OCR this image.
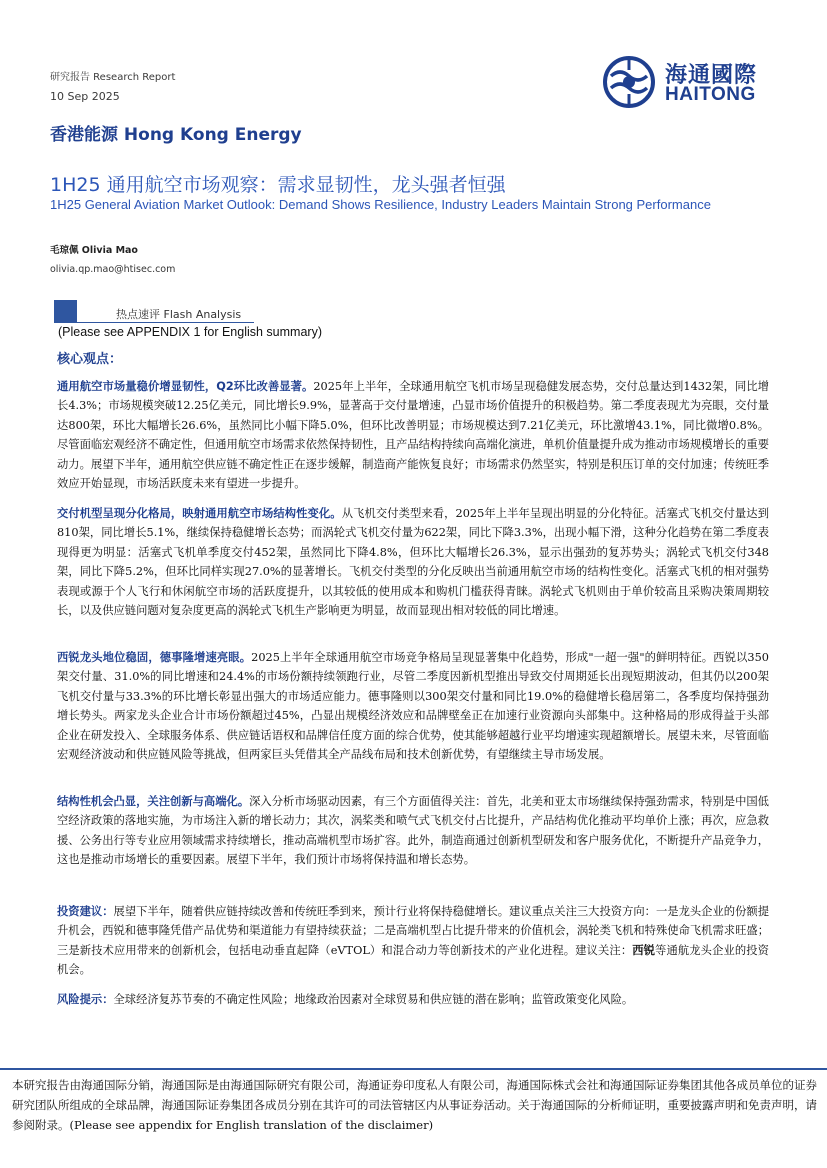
研究报告 Research Report
10 Sep 2025
海通國際
HAITONG
香港能源 Hong Kong Energy
1H25 通用航空市场观察：需求显韧性，龙头强者恒强
1H25 General Aviation Market Outlook: Demand Shows Resilience, Industry Leaders Maintain Strong Performance
毛琼佩 Olivia Mao
olivia.qp.mao@htisec.com
热点速评 Flash Analysis
(Please see APPENDIX 1 for English summary)
核心观点：
通用航空市场量稳价增显韧性，Q2环比改善显著。2025年上半年，全球通用航空飞机市场呈现稳健发展态势，交付总量达到1432架，同比增长4.3%；市场规模突破12.25亿美元，同比增长9.9%，显著高于交付量增速，凸显市场价值提升的积极趋势。第二季度表现尤为亮眼，交付量达800架，环比大幅增长26.6%，虽然同比小幅下降5.0%，但环比改善明显；市场规模达到7.21亿美元，环比激增43.1%，同比微增0.8%。尽管面临宏观经济不确定性，但通用航空市场需求依然保持韧性，且产品结构持续向高端化演进，单机价值量提升成为推动市场规模增长的重要动力。展望下半年，通用航空供应链不确定性正在逐步缓解，制造商产能恢复良好；市场需求仍然坚实，特别是积压订单的交付加速；传统旺季效应开始显现，市场活跃度未来有望进一步提升。
交付机型呈现分化格局，映射通用航空市场结构性变化。从飞机交付类型来看，2025年上半年呈现出明显的分化特征。活塞式飞机交付量达到810架，同比增长5.1%，继续保持稳健增长态势；而涡轮式飞机交付量为622架，同比下降3.3%，出现小幅下滑，这种分化趋势在第二季度表现得更为明显：活塞式飞机单季度交付452架，虽然同比下降4.8%，但环比大幅增长26.3%，显示出强劲的复苏势头；涡轮式飞机交付348架，同比下降5.2%，但环比同样实现27.0%的显著增长。飞机交付类型的分化反映出当前通用航空市场的结构性变化。活塞式飞机的相对强势表现或源于个人飞行和休闲航空市场的活跃度提升，以其较低的使用成本和购机门槛获得青睐。涡轮式飞机则由于单价较高且采购决策周期较长，以及供应链问题对复杂度更高的涡轮式飞机生产影响更为明显，故而显现出相对较低的同比增速。
西锐龙头地位稳固，德事隆增速亮眼。2025上半年全球通用航空市场竞争格局呈现显著集中化趋势，形成"一超一强"的鲜明特征。西锐以350架交付量、31.0%的同比增速和24.4%的市场份额持续领跑行业，尽管二季度因新机型推出导致交付周期延长出现短期波动，但其仍以200架飞机交付量与33.3%的环比增长彰显出强大的市场适应能力。德事隆则以300架交付量和同比19.0%的稳健增长稳居第二，各季度均保持强劲增长势头。两家龙头企业合计市场份额超过45%，凸显出规模经济效应和品牌壁垒正在加速行业资源向头部集中。这种格局的形成得益于头部企业在研发投入、全球服务体系、供应链话语权和品牌信任度方面的综合优势，使其能够超越行业平均增速实现超额增长。展望未来，尽管面临宏观经济波动和供应链风险等挑战，但两家巨头凭借其全产品线布局和技术创新优势，有望继续主导市场发展。
结构性机会凸显，关注创新与高端化。深入分析市场驱动因素，有三个方面值得关注：首先，北美和亚太市场继续保持强劲需求，特别是中国低空经济政策的落地实施，为市场注入新的增长动力；其次，涡桨类和喷气式飞机交付占比提升，产品结构优化推动平均单价上涨；再次，应急救援、公务出行等专业应用领域需求持续增长，推动高端机型市场扩容。此外，制造商通过创新机型研发和客户服务优化，不断提升产品竞争力，这也是推动市场增长的重要因素。展望下半年，我们预计市场将保持温和增长态势。
投资建议：展望下半年，随着供应链持续改善和传统旺季到来，预计行业将保持稳健增长。建议重点关注三大投资方向：一是龙头企业的份额提升机会，西锐和德事隆凭借产品优势和渠道能力有望持续获益；二是高端机型占比提升带来的价值机会，涡轮类飞机和特殊使命飞机需求旺盛；三是新技术应用带来的创新机会，包括电动垂直起降（eVTOL）和混合动力等创新技术的产业化进程。建议关注：西锐等通航龙头企业的投资机会。
风险提示：全球经济复苏节奏的不确定性风险；地缘政治因素对全球贸易和供应链的潜在影响；监管政策变化风险。
本研究报告由海通国际分销，海通国际是由海通国际研究有限公司，海通证券印度私人有限公司，海通国际株式会社和海通国际证券集团其他各成员单位的证券研究团队所组成的全球品牌，海通国际证券集团各成员分别在其许可的司法管辖区内从事证券活动。关于海通国际的分析师证明，重要披露声明和免责声明，请参阅附录。(Please see appendix for English translation of the disclaimer)
